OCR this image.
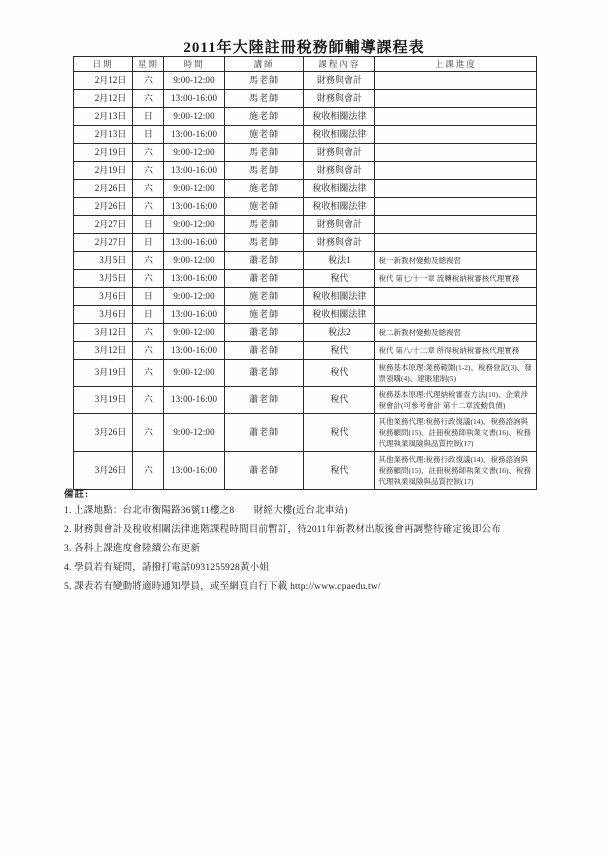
2011年大陸註冊稅務師輔導課程表
日期	星期	時間	講師	課程內容	上課進度
2月12日	六	9:00-12:00	馬老師	財務與會計	
2月12日	六	13:00-16:00	馬老師	財務與會計	
2月13日	日	9:00-12:00	施老師	稅收相關法律	
2月13日	日	13:00-16:00	施老師	稅收相關法律	
2月19日	六	9:00-12:00	馬老師	財務與會計	
2月19日	六	13:00-16:00	馬老師	財務與會計	
2月26日	六	9:00-12:00	施老師	稅收相關法律	
2月26日	六	13:00-16:00	施老師	稅收相關法律	
2月27日	日	9:00-12:00	馬老師	財務與會計	
2月27日	日	13:00-16:00	馬老師	財務與會計	
3月5日	六	9:00-12:00	蕭老師	稅法1	稅一新教材變動及總複習
3月5日	六	13:00-16:00	蕭老師	稅代	稅代 第七/十一章 流轉稅納稅審核代理實務
3月6日	日	9:00-12:00	施老師	稅收相關法律	
3月6日	日	13:00-16:00	施老師	稅收相關法律	
3月12日	六	9:00-12:00	蕭老師	稅法2	稅二新教材變動及總複習
3月12日	六	13:00-16:00	蕭老師	稅代	稅代 第八/十二章 所得稅納稅審核代理實務
3月19日	六	9:00-12:00	蕭老師	稅代	稅務基本原理:業務範圍(1-2)、稅務登記(3)、發票領購(4)、建賬建制(5)
3月19日	六	13:00-16:00	蕭老師	稅代	稅務基本原理:代理納稅審查方法(10)、企業涉稅會計(可參考會計 第十二章流動負債)
3月26日	六	9:00-12:00	蕭老師	稅代	其他業務代理:稅務行政復議(14)、稅務諮詢與稅務顧問(15)、註冊稅務師執業文書(16)、稅務代理執業風險與品質控制(17)
3月26日	六	13:00-16:00	蕭老師	稅代	其他業務代理:稅務行政復議(14)、稅務諮詢與稅務顧問(15)、註冊稅務師執業文書(16)、稅務代理執業風險與品質控制(17)
備註:
1. 上課地點：台北市衡陽路36號11樓之8　　財經大樓(近台北車站)
2. 財務與會計及稅收相關法律進階課程時間目前暫訂，待2011年新教材出版後會再調整待確定後即公布
3. 各科上課進度會陸續公布更新
4. 學員若有疑問，請撥打電話0931255928黃小姐
5. 課表若有變動將適時通知學員，或至網頁自行下載 http://www.cpaedu.tw/
